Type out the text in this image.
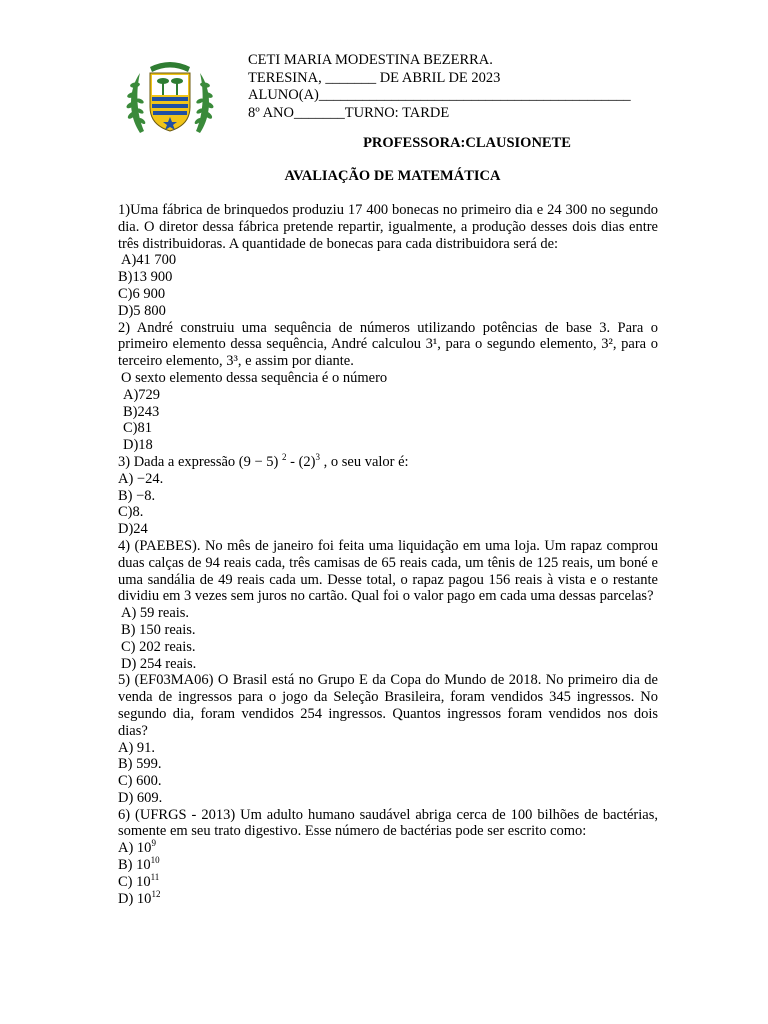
CETI MARIA MODESTINA BEZERRA.
TERESINA, _______ DE ABRIL DE 2023
ALUNO(A)___________________________________________
8º ANO_______TURNO: TARDE
PROFESSORA:CLAUSIONETE
AVALIAÇÃO DE MATEMÁTICA
1)Uma fábrica de brinquedos produziu 17 400 bonecas no primeiro dia e 24 300 no segundo dia. O diretor dessa fábrica pretende repartir, igualmente, a produção desses dois dias entre três distribuidoras. A quantidade de bonecas para cada distribuidora será de:
A)41 700
B)13 900
C)6 900
D)5 800
2) André construiu uma sequência de números utilizando potências de base 3. Para o primeiro elemento dessa sequência, André calculou 3¹, para o segundo elemento, 3², para o terceiro elemento, 3³, e assim por diante.
O sexto elemento dessa sequência é o número
A)729
B)243
C)81
D)18
3) Dada a expressão (9 − 5) $^2 - (2)^3$ , o seu valor é:
A) −24.
B) −8.
C)8.
D)24
4) (PAEBES). No mês de janeiro foi feita uma liquidação em uma loja. Um rapaz comprou duas calças de 94 reais cada, três camisas de 65 reais cada, um tênis de 125 reais, um boné e uma sandália de 49 reais cada um. Desse total, o rapaz pagou 156 reais à vista e o restante dividiu em 3 vezes sem juros no cartão. Qual foi o valor pago em cada uma dessas parcelas?
A) 59 reais.
B) 150 reais.
C) 202 reais.
D) 254 reais.
5) (EF03MA06) O Brasil está no Grupo E da Copa do Mundo de 2018. No primeiro dia de venda de ingressos para o jogo da Seleção Brasileira, foram vendidos 345 ingressos. No segundo dia, foram vendidos 254 ingressos. Quantos ingressos foram vendidos nos dois dias?
A) 91.
B) 599.
C) 600.
D) 609.
6) (UFRGS - 2013) Um adulto humano saudável abriga cerca de 100 bilhões de bactérias, somente em seu trato digestivo. Esse número de bactérias pode ser escrito como:
A) $10^9$
B) $10^{10}$
C) $10^{11}$
D) $10^{12}$
